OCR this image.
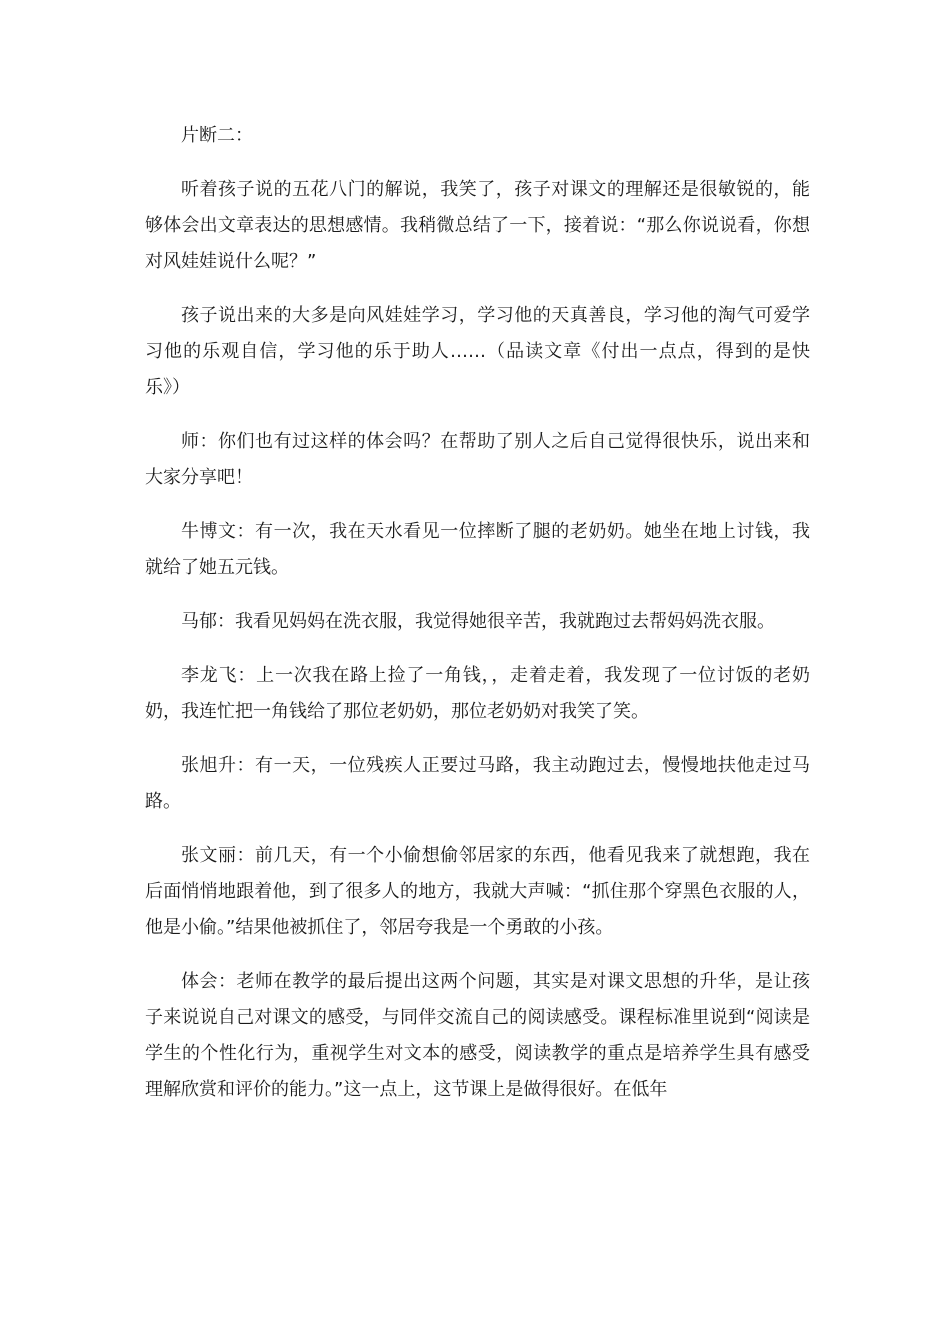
片断二：

听着孩子说的五花八门的解说，我笑了，孩子对课文的理解还是很敏锐的，能够体会出文章表达的思想感情。我稍微总结了一下，接着说：“那么你说说看，你想对风娃娃说什么呢？”

孩子说出来的大多是向风娃娃学习，学习他的天真善良，学习他的淘气可爱学习他的乐观自信，学习他的乐于助人……（品读文章《付出一点点，得到的是快乐》）

师：你们也有过这样的体会吗？在帮助了别人之后自己觉得很快乐，说出来和大家分享吧！

牛博文：有一次，我在天水看见一位摔断了腿的老奶奶。她坐在地上讨钱，我就给了她五元钱。

马郁：我看见妈妈在洗衣服，我觉得她很辛苦，我就跑过去帮妈妈洗衣服。

李龙飞：上一次我在路上捡了一角钱，，走着走着，我发现了一位讨饭的老奶奶，我连忙把一角钱给了那位老奶奶，那位老奶奶对我笑了笑。

张旭升：有一天，一位残疾人正要过马路，我主动跑过去，慢慢地扶他走过马路。

张文丽：前几天，有一个小偷想偷邻居家的东西，他看见我来了就想跑，我在后面悄悄地跟着他，到了很多人的地方，我就大声喊：“抓住那个穿黑色衣服的人，他是小偷。”结果他被抓住了，邻居夸我是一个勇敢的小孩。

体会：老师在教学的最后提出这两个问题，其实是对课文思想的升华，是让孩子来说说自己对课文的感受，与同伴交流自己的阅读感受。课程标准里说到“阅读是学生的个性化行为，重视学生对文本的感受，阅读教学的重点是培养学生具有感受理解欣赏和评价的能力。”这一点上，这节课上是做得很好。在低年
